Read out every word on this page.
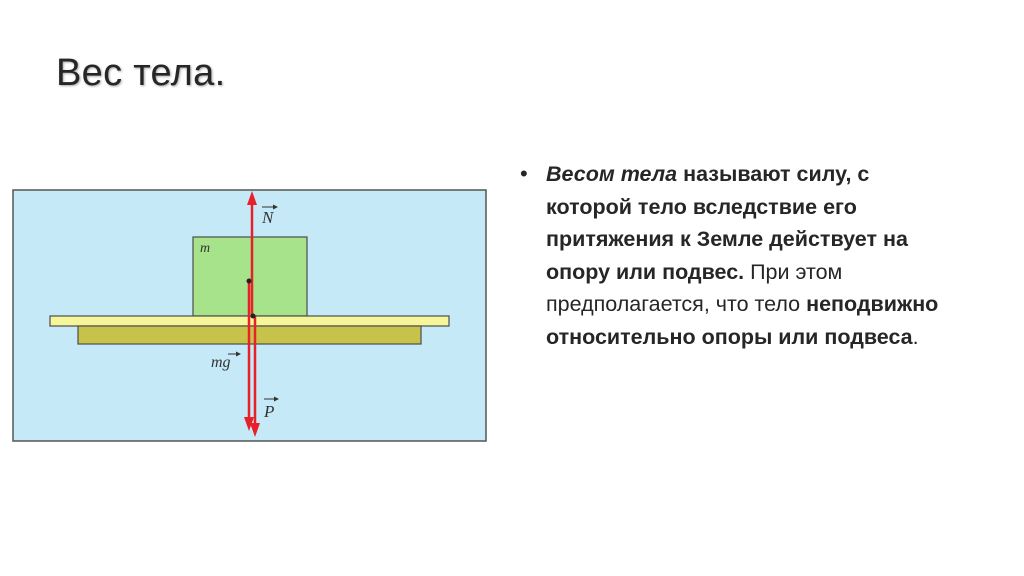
Вес тела.
m
N
mg
P
• Весом тела называют силу, с которой тело вследствие его притяжения к Земле действует на опору или подвес. При этом предполагается, что тело неподвижно относительно опоры или подвеса.
